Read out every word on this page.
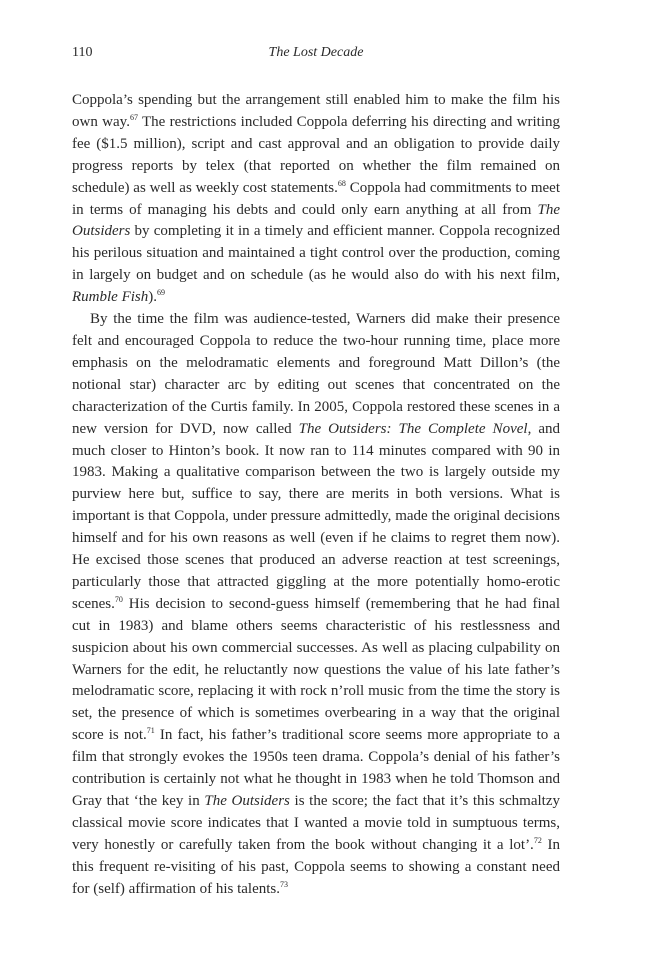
110	The Lost Decade

Coppola’s spending but the arrangement still enabled him to make the film his own way.$^{67}$ The restrictions included Coppola deferring his directing and writing fee ($1.5 million), script and cast approval and an obligation to provide daily progress reports by telex (that reported on whether the film remained on schedule) as well as weekly cost statements.$^{68}$ Coppola had commitments to meet in terms of managing his debts and could only earn anything at all from The Outsiders by completing it in a timely and efficient manner. Coppola recognized his perilous situation and maintained a tight control over the production, coming in largely on budget and on schedule (as he would also do with his next film, Rumble Fish).$^{69}$

By the time the film was audience-tested, Warners did make their presence felt and encouraged Coppola to reduce the two-hour running time, place more emphasis on the melodramatic elements and foreground Matt Dillon’s (the notional star) character arc by editing out scenes that concentrated on the characterization of the Curtis family. In 2005, Coppola restored these scenes in a new version for DVD, now called The Outsiders: The Complete Novel, and much closer to Hinton’s book. It now ran to 114 minutes compared with 90 in 1983. Making a qualitative comparison between the two is largely outside my purview here but, suffice to say, there are merits in both versions. What is important is that Coppola, under pressure admittedly, made the original decisions himself and for his own reasons as well (even if he claims to regret them now). He excised those scenes that produced an adverse reaction at test screenings, particularly those that attracted giggling at the more potentially homo-erotic scenes.$^{70}$ His decision to second-guess himself (remembering that he had final cut in 1983) and blame others seems characteristic of his restlessness and suspicion about his own commercial successes. As well as placing culpability on Warners for the edit, he reluctantly now questions the value of his late father’s melodramatic score, replacing it with rock n’roll music from the time the story is set, the presence of which is sometimes overbearing in a way that the original score is not.$^{71}$ In fact, his father’s traditional score seems more appropriate to a film that strongly evokes the 1950s teen drama. Coppola’s denial of his father’s contribution is certainly not what he thought in 1983 when he told Thomson and Gray that ‘the key in The Outsiders is the score; the fact that it’s this schmaltzy classical movie score indicates that I wanted a movie told in sumptuous terms, very honestly or carefully taken from the book without changing it a lot’.$^{72}$ In this frequent re-visiting of his past, Coppola seems to showing a constant need for (self) affirmation of his talents.$^{73}$
